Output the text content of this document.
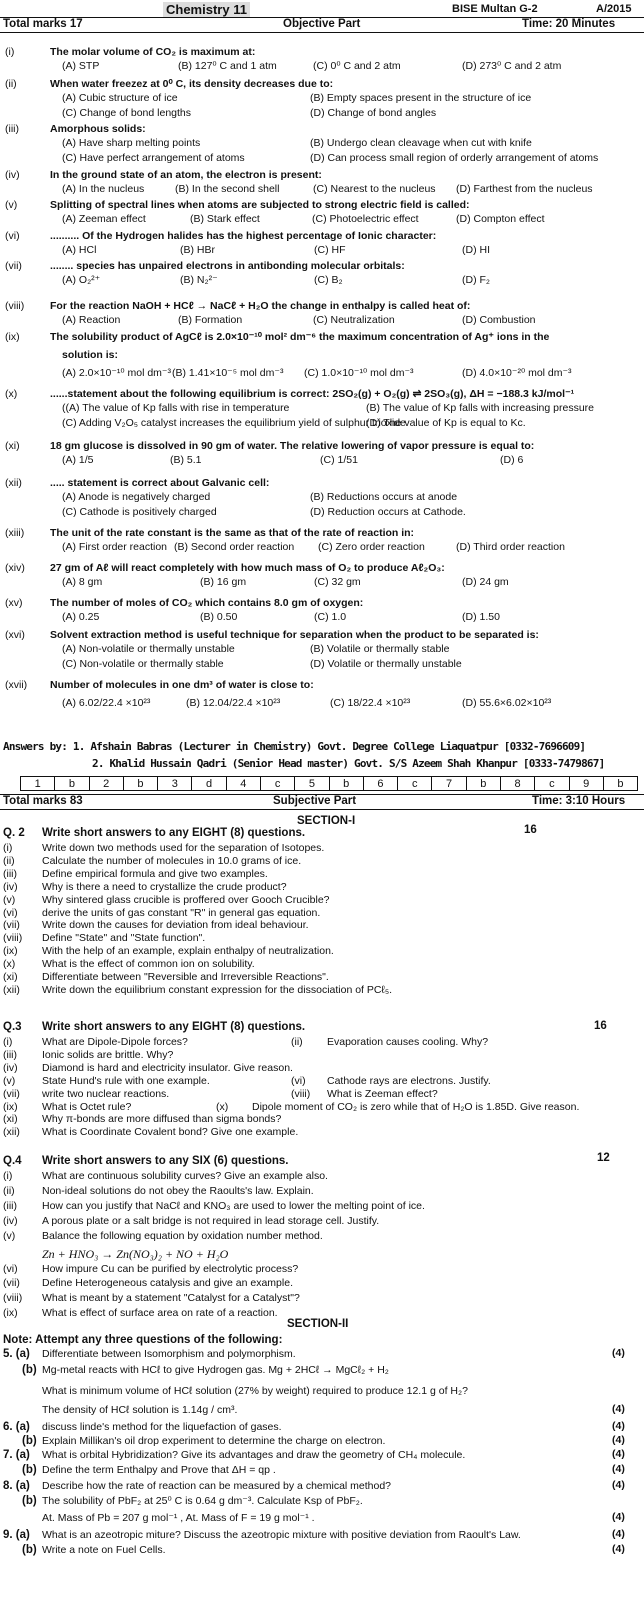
Chemistry 11	BISE Multan G-2	A/2015
Total marks 17	Objective Part	Time: 20 Minutes
(i)	The molar volume of CO₂ is maximum at:
(A) STP	(B) 127⁰ C and 1 atm	(C) 0⁰ C and 2 atm	(D) 273⁰ C and 2 atm
(ii)	When water freezez at 0⁰ C, its density decreases due to:
(A) Cubic structure of ice	(B) Empty spaces present in the structure of ice
(C) Change of bond lengths	(D) Change of bond angles
(iii)	Amorphous solids:
(A) Have sharp melting points	(B) Undergo clean cleavage when cut with knife
(C) Have perfect arrangement of atoms	(D) Can process small region of orderly arrangement of atoms
(iv)	In the ground state of an atom, the electron is present:
(A) In the nucleus	(B) In the second shell	(C) Nearest to the nucleus (D) Farthest from the nucleus
(v)	Splitting of spectral lines when atoms are subjected to strong electric field is called:
(A) Zeeman effect	(B) Stark effect	(C) Photoelectric effect	(D) Compton effect
(vi)	.......... Of the Hydrogen halides has the highest percentage of Ionic character:
(A) HCl	(B) HBr	(C) HF	(D) HI
(vii)	........ species has unpaired electrons in antibonding molecular orbitals:
(A) O₂²⁺	(B) N₂²⁻	(C) B₂	(D) F₂
(viii) For the reaction NaOH + HCℓ → NaCℓ + H₂O the change in enthalpy is called heat of:
(A) Reaction	(B) Formation	(C) Neutralization	(D) Combustion
(ix)	The solubility product of AgCℓ is 2.0×10⁻¹⁰ mol² dm⁻⁶ the maximum concentration of Ag⁺ ions in the
solution is:
(A) 2.0×10⁻¹⁰ mol dm⁻³ (B) 1.41×10⁻⁵ mol dm⁻³ (C) 1.0×10⁻¹⁰ mol dm⁻³	(D) 4.0×10⁻²⁰ mol dm⁻³
(x)	......statement about the following equilibrium is correct: 2SO₂(g) + O₂(g) ⇌ 2SO₃(g), ΔH = −188.3 kJ/mol⁻¹
((A) The value of Kp falls with rise in temperature	(B) The value of Kp falls with increasing pressure
(C) Adding V₂O₅ catalyst increases the equilibrium yield of sulphur trioxide
(D) The value of Kp is equal to Kc.
(xi)	18 gm glucose is dissolved in 90 gm of water. The relative lowering of vapor pressure is equal to:
(A) 1/5	(B) 5.1	(C) 1/51	(D) 6
(xii)	..... statement is correct about Galvanic cell:
(A) Anode is negatively charged	(B) Reductions occurs at anode
(C) Cathode is positively charged	(D) Reduction occurs at Cathode.
(xiii) The unit of the rate constant is the same as that of the rate of reaction in:
(A) First order reaction (B) Second order reaction (C) Zero order reaction	(D) Third order reaction
(xiv) 27 gm of Aℓ will react completely with how much mass of O₂ to produce Aℓ₂O₃:
(A) 8 gm	(B) 16 gm	(C) 32 gm	(D) 24 gm
(xv)	The number of moles of CO₂ which contains 8.0 gm of oxygen:
(A) 0.25	(B) 0.50	(C) 1.0	(D) 1.50
(xvi) Solvent extraction method is useful technique for separation when the product to be separated is:
(A) Non-volatile or thermally unstable	(B) Volatile or thermally stable
(C) Non-volatile or thermally stable	(D) Volatile or thermally unstable
(xvii) Number of molecules in one dm³ of water is close to:
(A) 6.02/22.4 ×10²³	(B) 12.04/22.4 ×10²³	(C) 18/22.4 ×10²³	(D) 55.6×6.02×10²³
Answers by: 1. Afshain Babras (Lecturer in Chemistry) Govt. Degree College Liaquatpur [0332-7696609]
2. Khalid Hussain Qadri (Senior Head master) Govt. S/S Azeem Shah Khanpur [0333-7479867]
1	b	2	b	3	d	4	c	5	b	6	c	7	b	8	c	9	b
Total marks 83	Subjective Part	Time: 3:10 Hours
SECTION-I
Q. 2 Write short answers to any EIGHT (8) questions.	16
(i)	Write down two methods used for the separation of Isotopes.
(ii)	Calculate the number of molecules in 10.0 grams of ice.
(iii) Define empirical formula and give two examples.
(iv) Why is there a need to crystallize the crude product?
(v)	Why sintered glass crucible is proffered over Gooch Crucible?
(vi) derive the units of gas constant "R" in general gas equation.
(vii) Write down the causes for deviation from ideal behaviour.
(viii) Define "State" and "State function".
(ix) With the help of an example, explain enthalpy of neutralization.
(x)	What is the effect of common ion on solubility.
(xi) Differentiate between "Reversible and Irreversible Reactions".
(xii) Write down the equilibrium constant expression for the dissociation of PCℓ₅.
Q.3 Write short answers to any EIGHT (8) questions.	16
(i)	What are Dipole-Dipole forces?	(ii) Evaporation causes cooling. Why?
(iii) Ionic solids are brittle. Why?
(iv) Diamond is hard and electricity insulator. Give reason.
(v)	State Hund's rule with one example.	(vi) Cathode rays are electrons. Justify.
(vii) write two nuclear reactions.	(viii) What is Zeeman effect?
(ix) What is Octet rule?	(x) Dipole moment of CO₂ is zero while that of H₂O is 1.85D. Give reason.
(xi) Why π-bonds are more diffused than sigma bonds?
(xii) What is Coordinate Covalent bond? Give one example.
Q.4 Write short answers to any SIX (6) questions.	12
(i)	What are continuous solubility curves? Give an example also.
(ii)	Non-ideal solutions do not obey the Raoults's law. Explain.
(iii) How can you justify that NaCℓ and KNO₃ are used to lower the melting point of ice.
(iv) A porous plate or a salt bridge is not required in lead storage cell. Justify.
(v)	Balance the following equation by oxidation number method.
Zn + HNO₃ → Zn(NO₃)₂ + NO + H₂O
(vi) How impure Cu can be purified by electrolytic process?
(vii) Define Heterogeneous catalysis and give an example.
(viii) What is meant by a statement "Catalyst for a Catalyst"?
(ix) What is effect of surface area on rate of a reaction.
SECTION-II
Note: Attempt any three questions of the following:
5. (a) Differentiate between Isomorphism and polymorphism.	(4)
(b) Mg-metal reacts with HCℓ to give Hydrogen gas. Mg + 2HCℓ → MgCℓ₂ + H₂
What is minimum volume of HCℓ solution (27% by weight) required to produce 12.1 g of H₂?
The density of HCℓ solution is 1.14g / cm³.	(4)
6. (a) discuss linde's method for the liquefaction of gases.	(4)
(b) Explain Millikan's oil drop experiment to determine the charge on electron.	(4)
7. (a) What is orbital Hybridization? Give its advantages and draw the geometry of CH₄ molecule.	(4)
(b) Define the term Enthalpy and Prove that ΔH = qp .	(4)
8. (a) Describe how the rate of reaction can be measured by a chemical method?	(4)
(b) The solubility of PbF₂ at 25⁰ C is 0.64 g dm⁻³. Calculate Ksp of PbF₂.
At. Mass of Pb = 207 g mol⁻¹ , At. Mass of F = 19 g mol⁻¹ .	(4)
9. (a) What is an azeotropic miture? Discuss the azeotropic mixture with positive deviation from Raoult's Law.	(4)
(b) Write a note on Fuel Cells.	(4)
